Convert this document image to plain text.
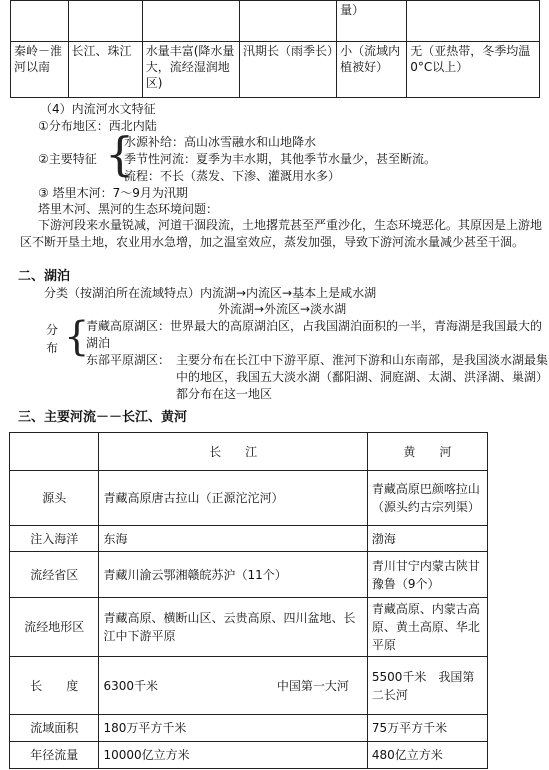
				量）	
秦岭－淮河以南	长江、珠江	水量丰富(降水量大，流经湿润地区)	汛期长（雨季长）	小（流域内植被好）	无（亚热带，冬季均温0°C以上）
（4）内流河水文特征
①分布地区：西北内陆
②主要特征 {
水源补给：高山冰雪融水和山地降水
季节性河流：夏季为丰水期，其他季节水量少，甚至断流。
流程：不长（蒸发、下渗、灌溉用水多）
③ 塔里木河：7～9月为汛期
塔里木河、黑河的生态环境问题：
下游河段来水量锐减，河道干涸段流，土地撂荒甚至严重沙化，生态环境恶化。其原因是上游地区不断开垦土地，农业用水急增，加之温室效应，蒸发加强，导致下游河流水量减少甚至干涸。
二、湖泊
分类（按湖泊所在流域特点）内流湖→内流区→基本上是咸水湖
外流湖→外流区→淡水湖
分布 {
青藏高原湖区：世界最大的高原湖泊区，占我国湖泊面积的一半，青海湖是我国最大的湖泊
东部平原湖区： 主要分布在长江中下游平原、淮河下游和山东南部，是我国淡水湖最集中的地区，我国五大淡水湖（鄱阳湖、洞庭湖、太湖、洪泽湖、巢湖）都分布在这一地区
三、主要河流－－长江、黄河
	长　　江	黄　　河
源头	青藏高原唐古拉山（正源沱沱河）	青藏高原巴颜喀拉山（源头约古宗列渠）
注入海洋	东海	渤海
流经省区	青藏川渝云鄂湘赣皖苏沪（11个）	青川甘宁内蒙古陕甘豫鲁（9个）
流经地形区	青藏高原、横断山区、云贵高原、四川盆地、长江中下游平原	青藏高原、内蒙古高原、黄土高原、华北平原
长　　度	6300千米 中国第一大河	5500千米　我国第二长河
流域面积	180万平方千米	75万平方千米
年径流量	10000亿立方米	480亿立方米
